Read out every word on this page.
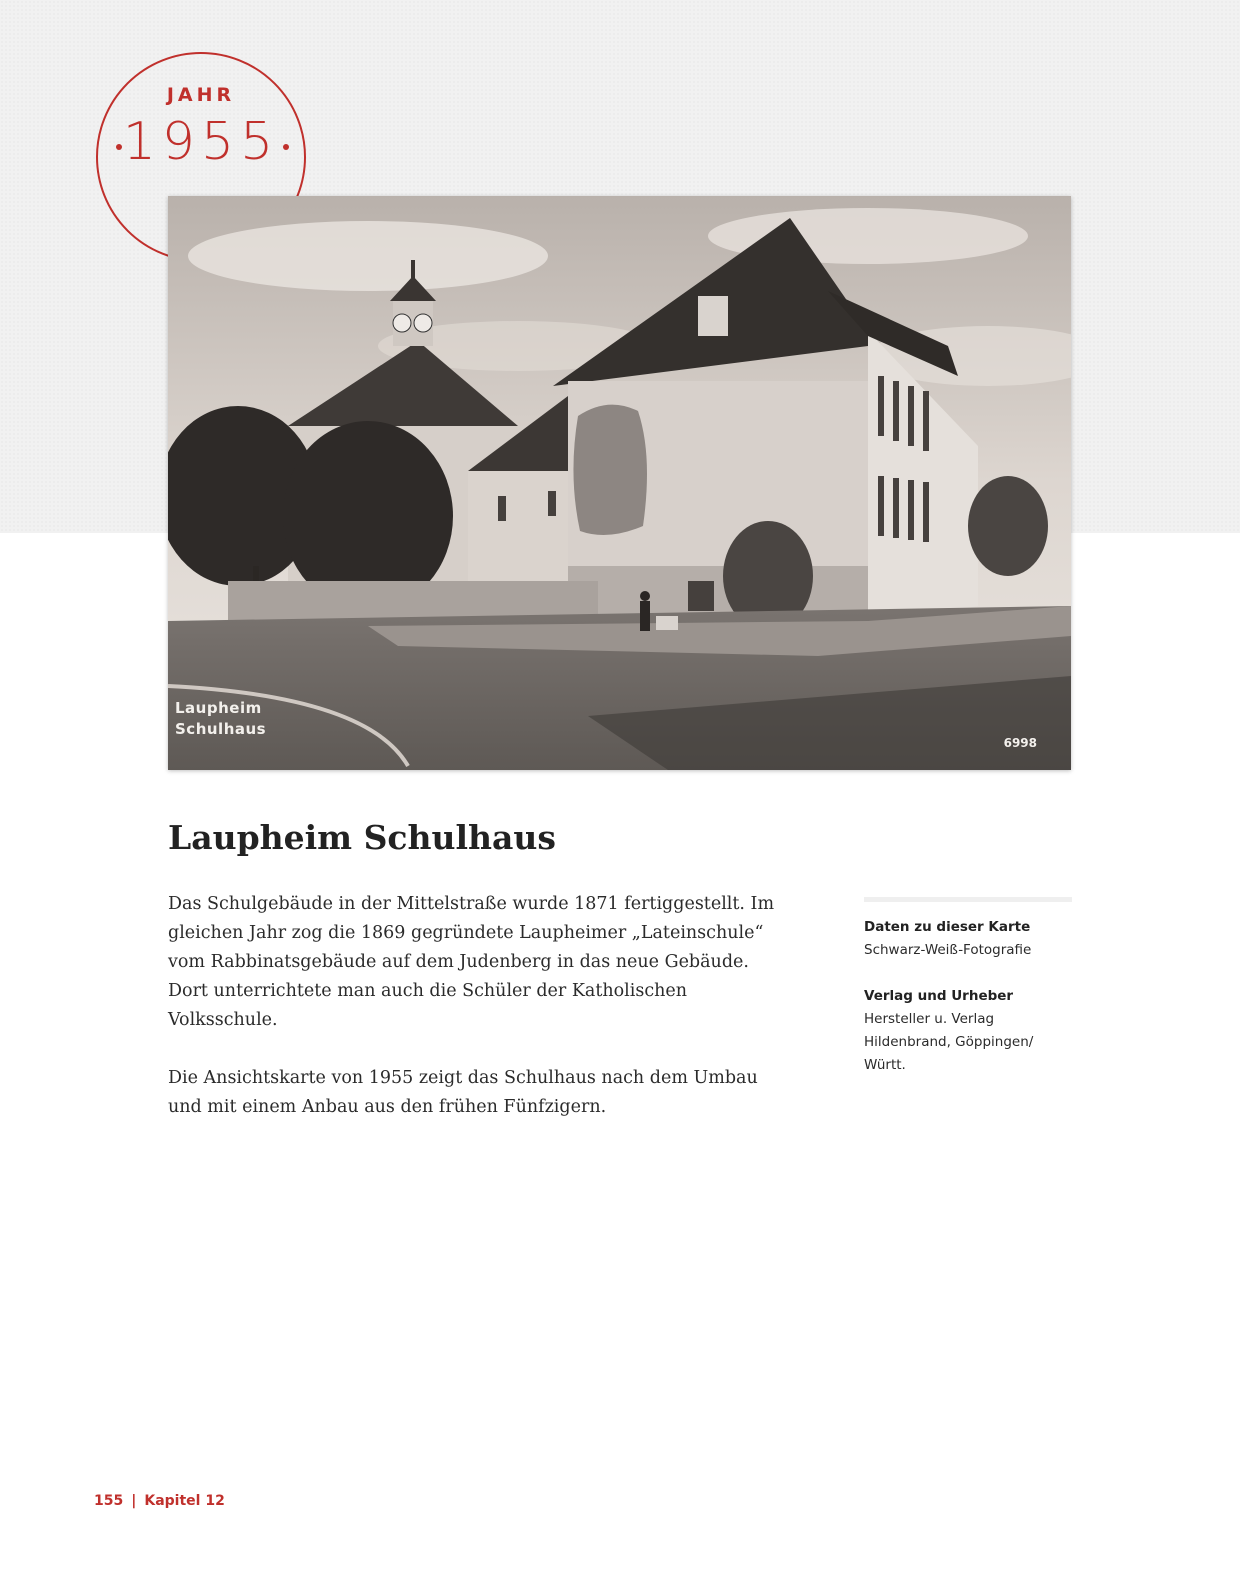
JAHR
1955
Laupheim
Schulhaus
6998
Laupheim Schulhaus

Das Schulgebäude in der Mittelstraße wurde 1871 fertiggestellt. Im gleichen Jahr zog die 1869 gegründete Laupheimer „Lateinschule“ vom Rabbinatsgebäude auf dem Judenberg in das neue Gebäude. Dort unterrichtete man auch die Schüler der Katholischen Volksschule.

Die Ansichtskarte von 1955 zeigt das Schulhaus nach dem Umbau und mit einem Anbau aus den frühen Fünfzigern.

Daten zu dieser Karte
Schwarz-Weiß-Fotografie
Verlag und Urheber
Hersteller u. Verlag
Hildenbrand, Göppingen/
Württ.
155 | Kapitel 12
